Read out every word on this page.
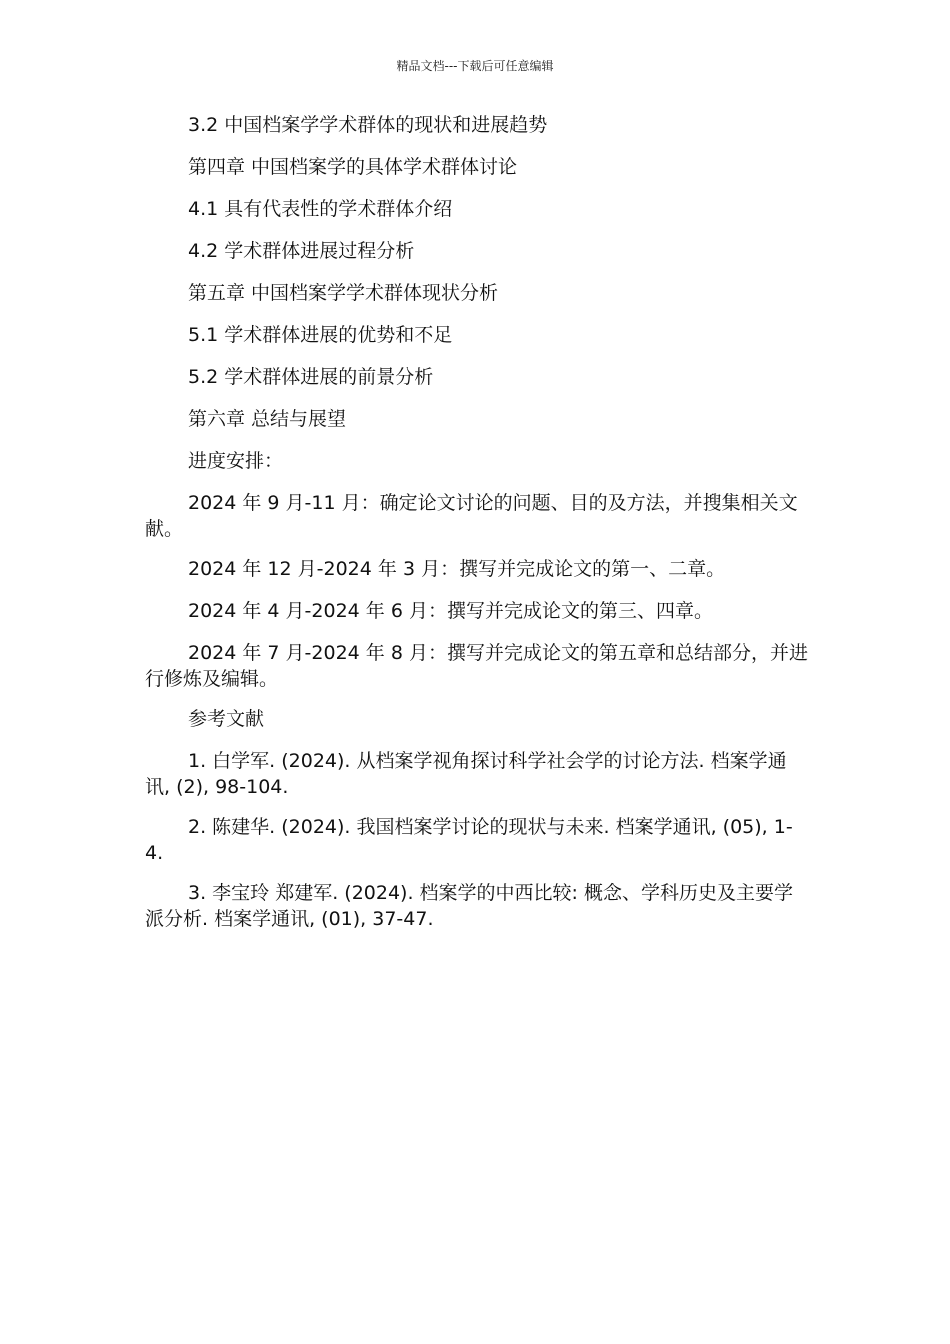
精品文档---下载后可任意编辑

3.2 中国档案学学术群体的现状和进展趋势

第四章 中国档案学的具体学术群体讨论

4.1 具有代表性的学术群体介绍

4.2 学术群体进展过程分析

第五章 中国档案学学术群体现状分析

5.1 学术群体进展的优势和不足

5.2 学术群体进展的前景分析

第六章 总结与展望

进度安排：

2024 年 9 月-11 月：确定论文讨论的问题、目的及方法，并搜集相关文献。

2024 年 12 月-2024 年 3 月：撰写并完成论文的第一、二章。

2024 年 4 月-2024 年 6 月：撰写并完成论文的第三、四章。

2024 年 7 月-2024 年 8 月：撰写并完成论文的第五章和总结部分，并进行修炼及编辑。

参考文献

1. 白学军. (2024). 从档案学视角探讨科学社会学的讨论方法. 档案学通讯, (2), 98-104.

2. 陈建华. (2024). 我国档案学讨论的现状与未来. 档案学通讯, (05), 1-4.

3. 李宝玲 郑建军. (2024). 档案学的中西比较: 概念、学科历史及主要学派分析. 档案学通讯, (01), 37-47.
